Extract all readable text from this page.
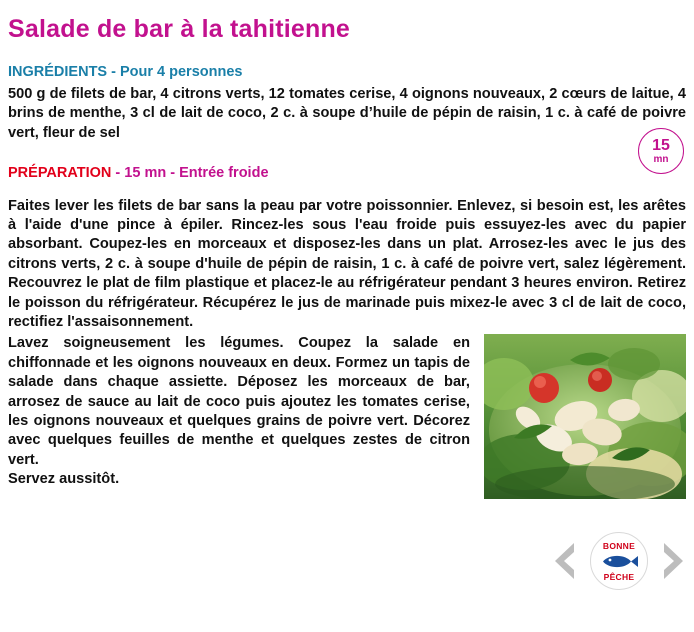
Salade de bar à la tahitienne
INGRÉDIENTS - Pour 4 personnes

500 g de filets de bar, 4 citrons verts, 12 tomates cerise, 4 oignons nouveaux, 2 cœurs de laitue, 4 brins de menthe, 3 cl de lait de coco, 2 c. à soupe d’huile de pépin de raisin, 1 c. à café de poivre vert, fleur de sel

PRÉPARATION - 15 mn - Entrée froide
15
mn

Faites lever les filets de bar sans la peau par votre poissonnier. Enlevez, si besoin est, les arêtes à l'aide d'une pince à épiler. Rincez-les sous l'eau froide puis essuyez-les avec du papier absorbant. Coupez-les en morceaux et disposez-les dans un plat. Arrosez-les avec le jus des citrons verts, 2 c. à soupe d'huile de pépin de raisin, 1 c. à café de poivre vert, salez légèrement. Recouvrez le plat de film plastique et placez-le au réfrigérateur pendant 3 heures environ. Retirez le poisson du réfrigérateur. Récupérez le jus de marinade puis mixez-le avec 3 cl de lait de coco, rectifiez l'assaisonnement.

Lavez soigneusement les légumes. Coupez la salade en chiffonnade et les oignons nouveaux en deux. Formez un tapis de salade dans chaque assiette. Déposez les morceaux de bar, arrosez de sauce au lait de coco puis ajoutez les tomates cerise, les oignons nouveaux et quelques grains de poivre vert. Décorez avec quelques feuilles de menthe et quelques zestes de citron vert.

Servez aussitôt.

BONNE
PÊCHE
